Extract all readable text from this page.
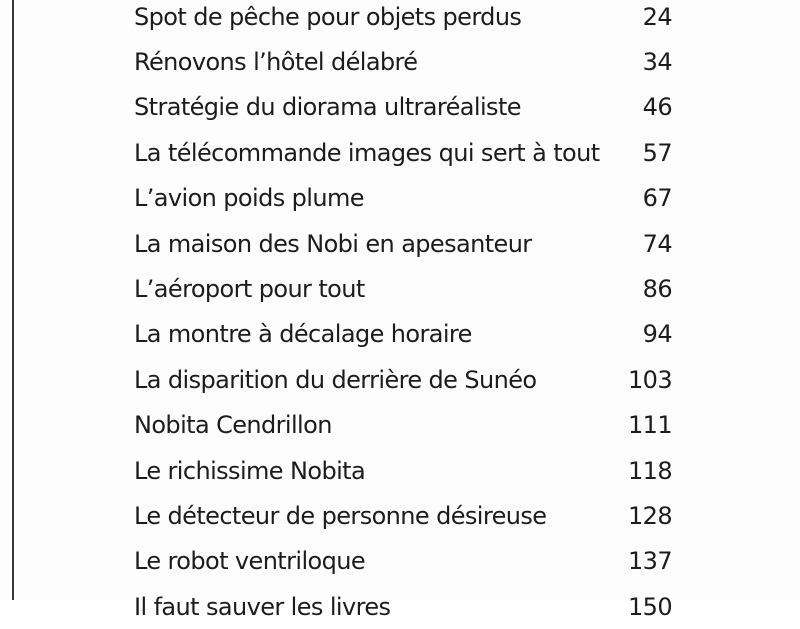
Spot de pêche pour objets perdus	24
Rénovons l’hôtel délabré	34
Stratégie du diorama ultraréaliste	46
La télécommande images qui sert à tout	57
L’avion poids plume	67
La maison des Nobi en apesanteur	74
L’aéroport pour tout	86
La montre à décalage horaire	94
La disparition du derrière de Sunéo	103
Nobita Cendrillon	111
Le richissime Nobita	118
Le détecteur de personne désireuse	128
Le robot ventriloque	137
Il faut sauver les livres	150
